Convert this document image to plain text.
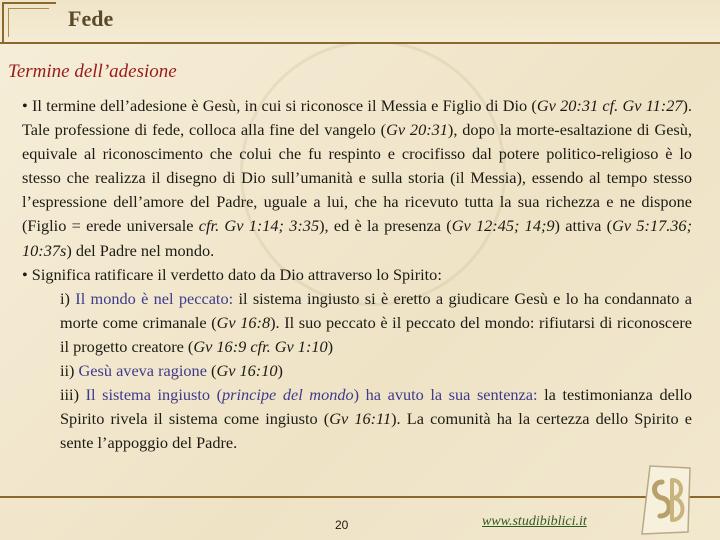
Fede
Termine dell’adesione

• Il termine dell’adesione è Gesù, in cui si riconosce il Messia e Figlio di Dio (Gv 20:31 cf. Gv 11:27). Tale professione di fede, colloca alla fine del vangelo (Gv 20:31), dopo la morte-esaltazione di Gesù, equivale al riconoscimento che colui che fu respinto e crocifisso dal potere politico-religioso è lo stesso che realizza il disegno di Dio sull’umanità e sulla storia (il Messia), essendo al tempo stesso l’espressione dell’amore del Padre, uguale a lui, che ha ricevuto tutta la sua richezza e ne dispone (Figlio = erede universale cfr. Gv 1:14; 3:35), ed è la presenza (Gv 12:45; 14;9) attiva (Gv 5:17.36; 10:37s) del Padre nel mondo.

• Significa ratificare il verdetto dato da Dio attraverso lo Spirito:

i) Il mondo è nel peccato: il sistema ingiusto si è eretto a giudicare Gesù e lo ha condannato a morte come crimanale (Gv 16:8). Il suo peccato è il peccato del mondo: rifiutarsi di riconoscere il progetto creatore (Gv 16:9 cfr. Gv 1:10)

ii) Gesù aveva ragione (Gv 16:10)

iii) Il sistema ingiusto (principe del mondo) ha avuto la sua sentenza: la testimonianza dello Spirito rivela il sistema come ingiusto (Gv 16:11). La comunità ha la certezza dello Spirito e sente l’appoggio del Padre.

20	www.studibiblici.it
